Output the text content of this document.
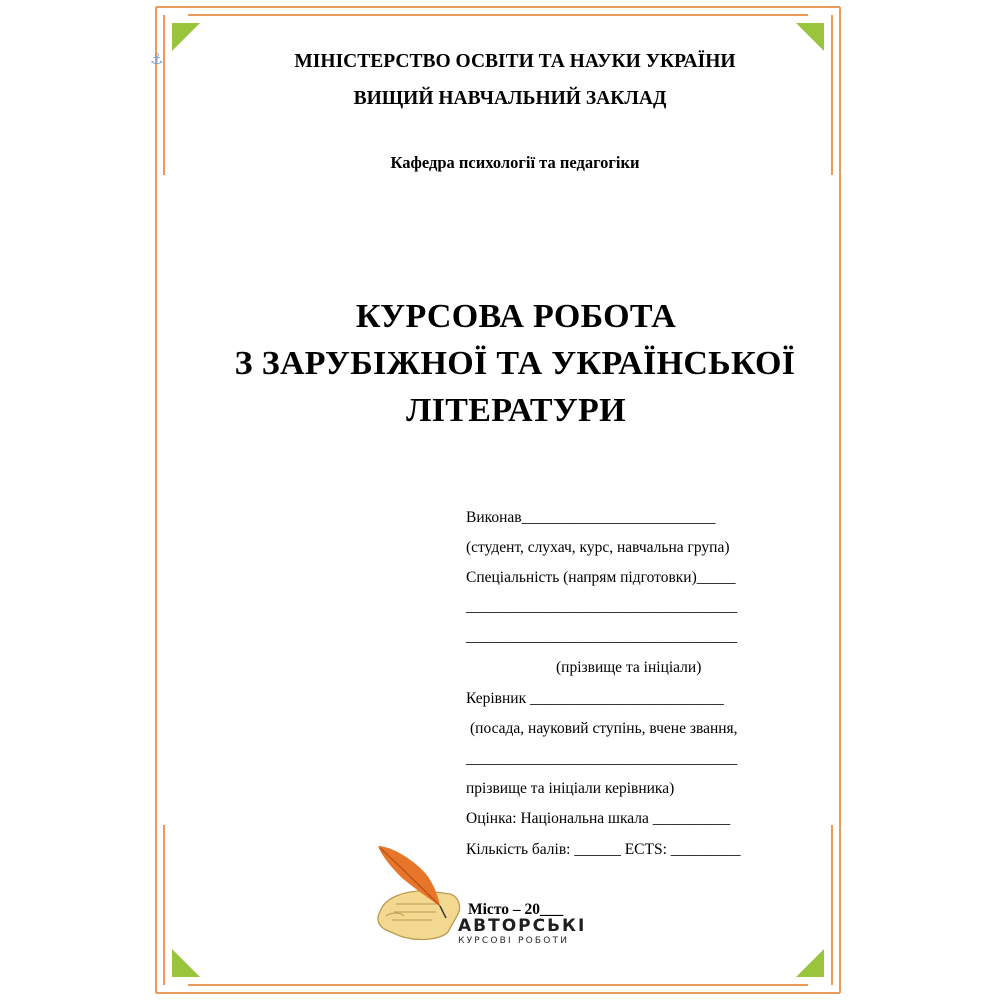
⚓	МІНІСТЕРСТВО ОСВІТИ ТА НАУКИ УКРАЇНИ
ВИЩИЙ НАВЧАЛЬНИЙ ЗАКЛАД
Кафедра психології та педагогіки
КУРСОВА РОБОТА
З ЗАРУБІЖНОЇ ТА УКРАЇНСЬКОЇ
ЛІТЕРАТУРИ
Виконав_________________________
(студент, слухач, курс, навчальна група)
Спеціальність (напрям підготовки)_____
___________________________________
___________________________________
(прізвище та ініціали)
Керівник _________________________
(посада, науковий ступінь, вчене звання,
___________________________________
прізвище та ініціали керівника)
Оцінка: Національна шкала __________
Кількість балів: ______ ECTS: _________
Місто – 20___
АВТОРСЬКІ
КУРСОВІ РОБОТИ
